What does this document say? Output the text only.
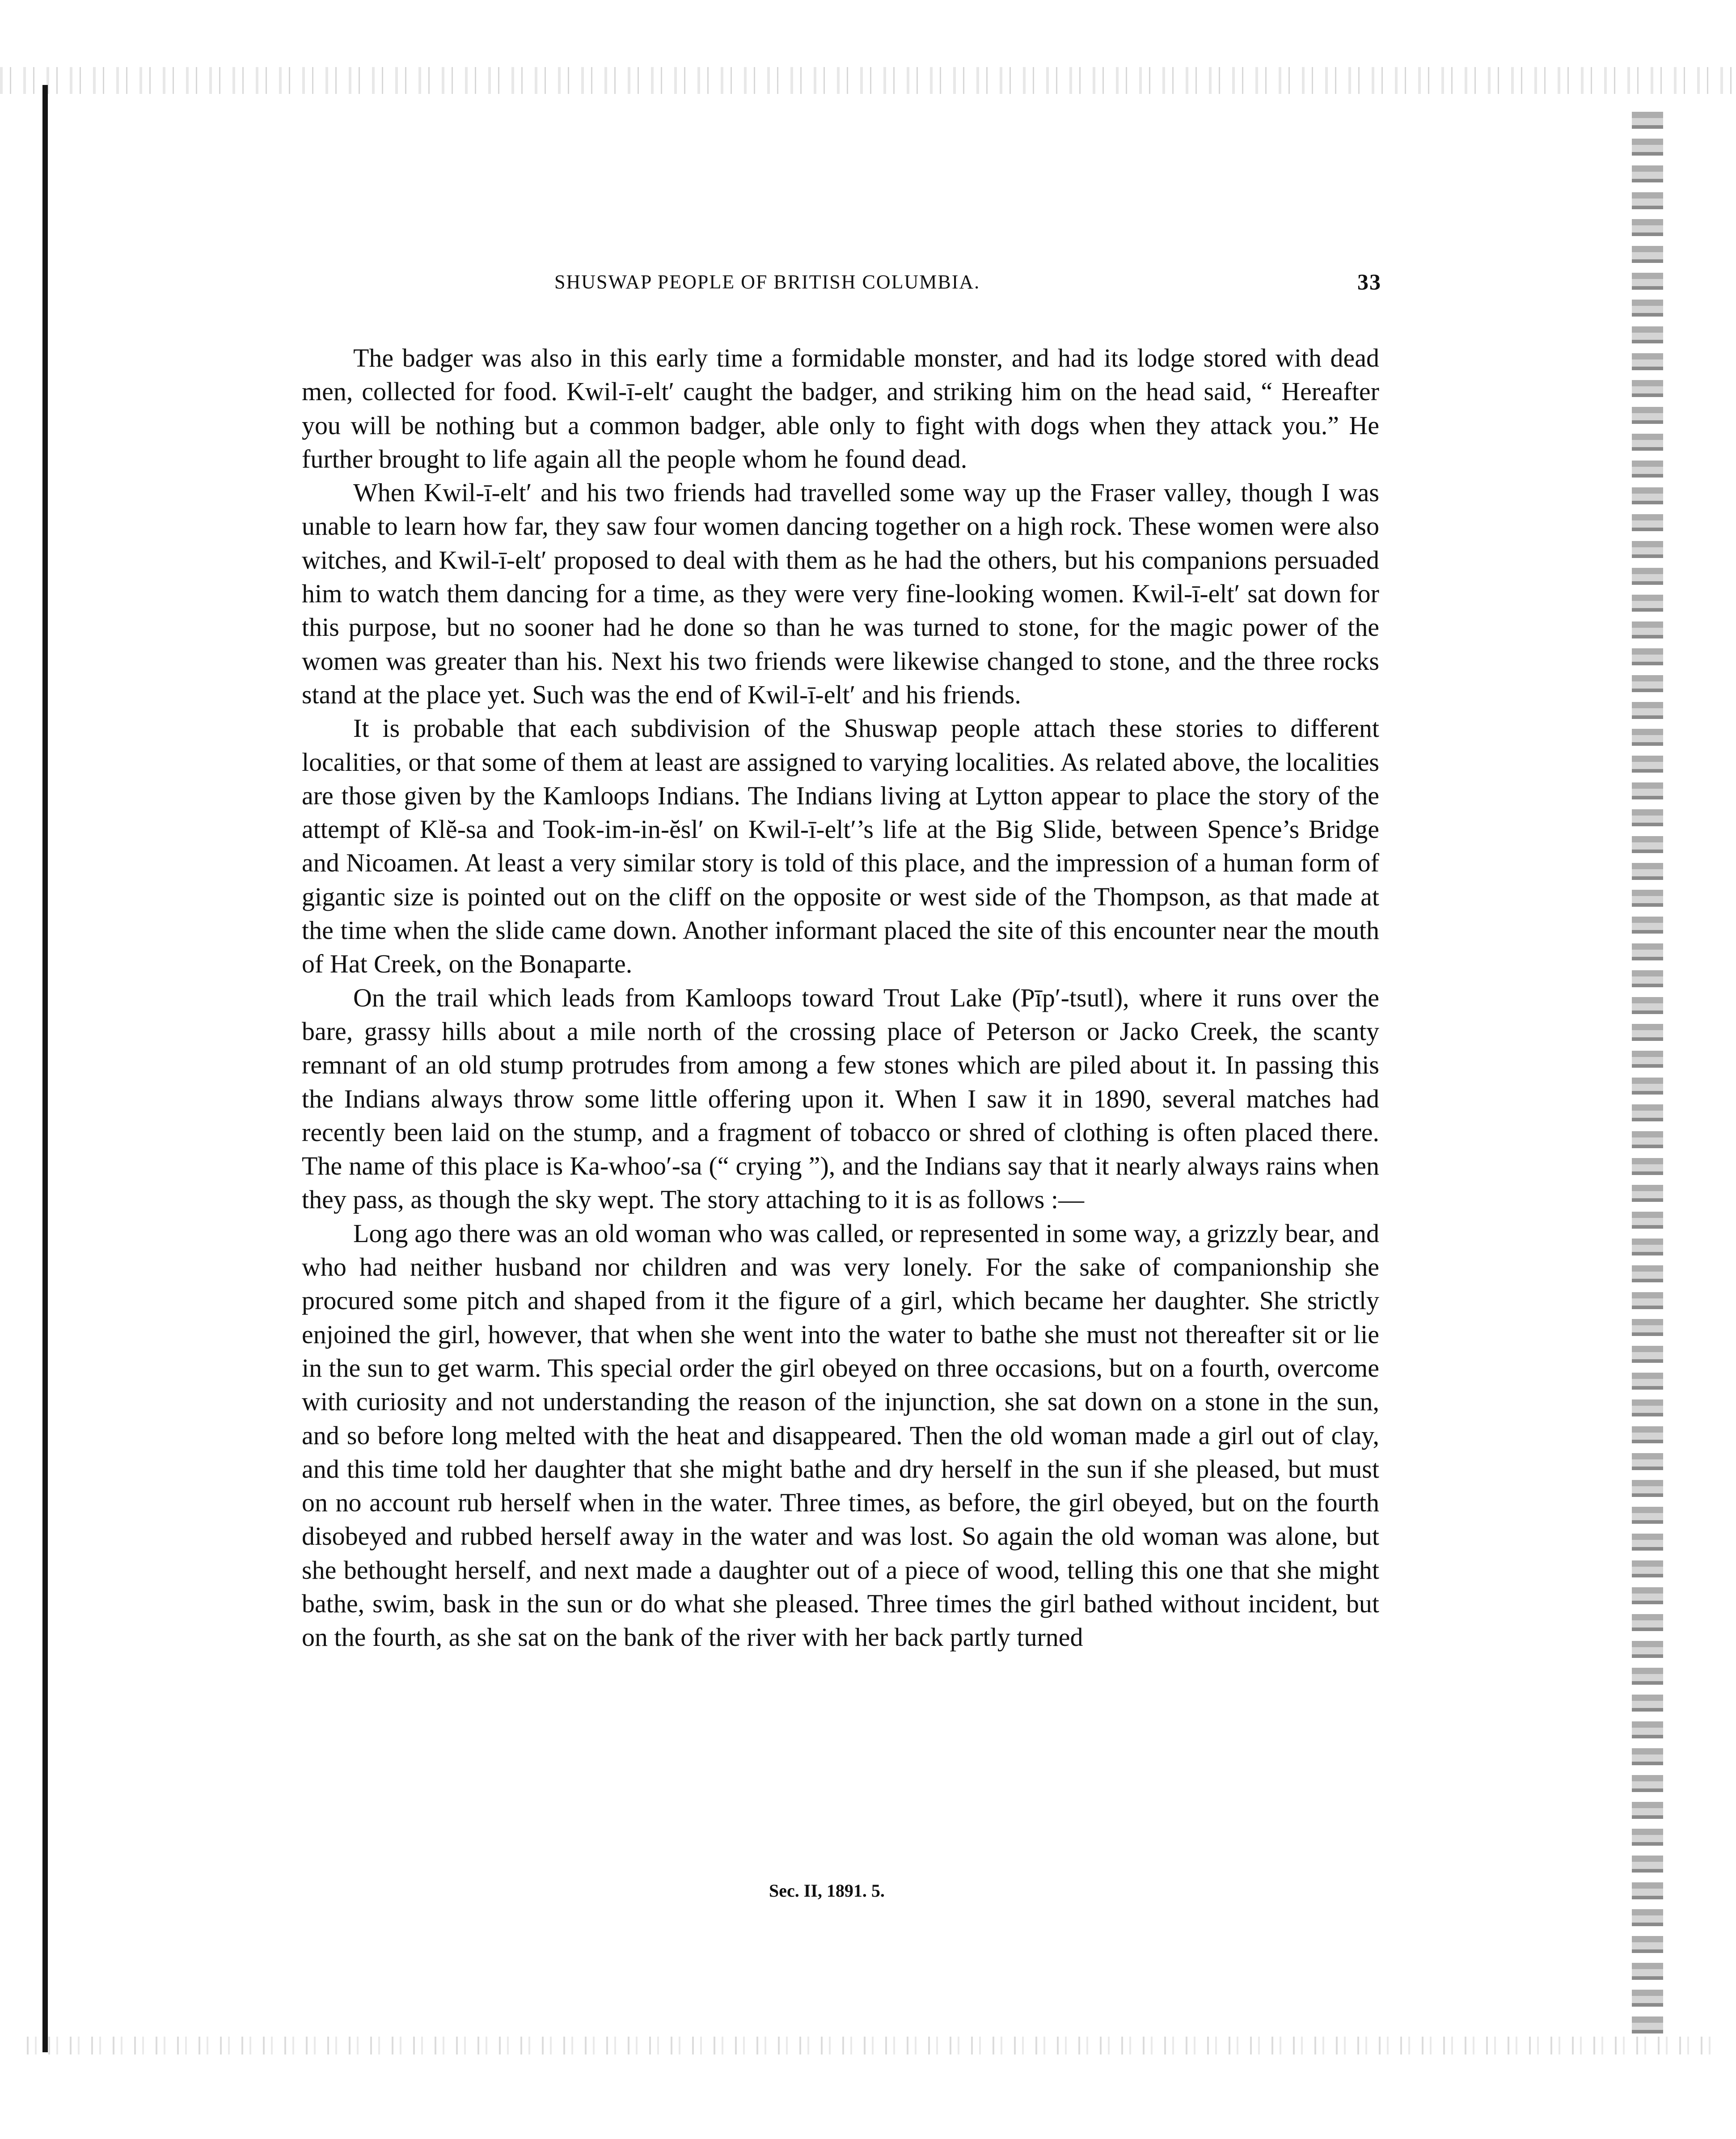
SHUSWAP PEOPLE OF BRITISH COLUMBIA.	33

The badger was also in this early time a formidable monster, and had its lodge stored with dead men, collected for food. Kwil-ī-elt′ caught the badger, and striking him on the head said, “ Hereafter you will be nothing but a common badger, able only to fight with dogs when they attack you.” He further brought to life again all the people whom he found dead.

When Kwil-ī-elt′ and his two friends had travelled some way up the Fraser valley, though I was unable to learn how far, they saw four women dancing together on a high rock. These women were also witches, and Kwil-ī-elt′ proposed to deal with them as he had the others, but his companions persuaded him to watch them dancing for a time, as they were very fine-looking women. Kwil-ī-elt′ sat down for this purpose, but no sooner had he done so than he was turned to stone, for the magic power of the women was greater than his. Next his two friends were likewise changed to stone, and the three rocks stand at the place yet. Such was the end of Kwil-ī-elt′ and his friends.

It is probable that each subdivision of the Shuswap people attach these stories to different localities, or that some of them at least are assigned to varying localities. As related above, the localities are those given by the Kamloops Indians. The Indians living at Lytton appear to place the story of the attempt of Klĕ-sa and Took-im-in-ĕsl′ on Kwil-ī-elt′’s life at the Big Slide, between Spence’s Bridge and Nicoamen. At least a very similar story is told of this place, and the impression of a human form of gigantic size is pointed out on the cliff on the opposite or west side of the Thompson, as that made at the time when the slide came down. Another informant placed the site of this encounter near the mouth of Hat Creek, on the Bonaparte.

On the trail which leads from Kamloops toward Trout Lake (Pīp′-tsutl), where it runs over the bare, grassy hills about a mile north of the crossing place of Peterson or Jacko Creek, the scanty remnant of an old stump protrudes from among a few stones which are piled about it. In passing this the Indians always throw some little offering upon it. When I saw it in 1890, several matches had recently been laid on the stump, and a fragment of tobacco or shred of clothing is often placed there. The name of this place is Ka-whoo′-sa (“ crying ”), and the Indians say that it nearly always rains when they pass, as though the sky wept. The story attaching to it is as follows :—

Long ago there was an old woman who was called, or represented in some way, a grizzly bear, and who had neither husband nor children and was very lonely. For the sake of companionship she procured some pitch and shaped from it the figure of a girl, which became her daughter. She strictly enjoined the girl, however, that when she went into the water to bathe she must not thereafter sit or lie in the sun to get warm. This special order the girl obeyed on three occasions, but on a fourth, overcome with curiosity and not understanding the reason of the injunction, she sat down on a stone in the sun, and so before long melted with the heat and disappeared. Then the old woman made a girl out of clay, and this time told her daughter that she might bathe and dry herself in the sun if she pleased, but must on no account rub herself when in the water. Three times, as before, the girl obeyed, but on the fourth disobeyed and rubbed herself away in the water and was lost. So again the old woman was alone, but she bethought herself, and next made a daughter out of a piece of wood, telling this one that she might bathe, swim, bask in the sun or do what she pleased. Three times the girl bathed without incident, but on the fourth, as she sat on the bank of the river with her back partly turned

Sec. II, 1891. 5.
